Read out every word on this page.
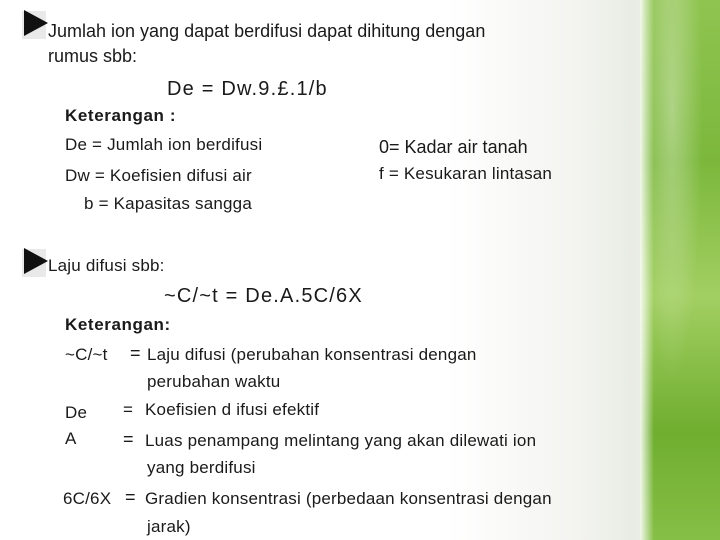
Jumlah ion yang dapat berdifusi dapat dihitung dengan
rumus sbb:
De = Dw.9.£.1/b
Keterangan :
De = Jumlah ion berdifusi
Dw = Koefisien difusi air
b = Kapasitas sangga
0= Kadar air tanah
f = Kesukaran lintasan
Laju difusi sbb:
~C/~t = De.A.5C/6X
Keterangan:
~C/~t = Laju difusi (perubahan konsentrasi dengan
perubahan waktu
De = Koefisien d ifusi efektif
A	= Luas penampang melintang yang akan dilewati ion
yang berdifusi
6C/6X = Gradien konsentrasi (perbedaan konsentrasi dengan
jarak)
